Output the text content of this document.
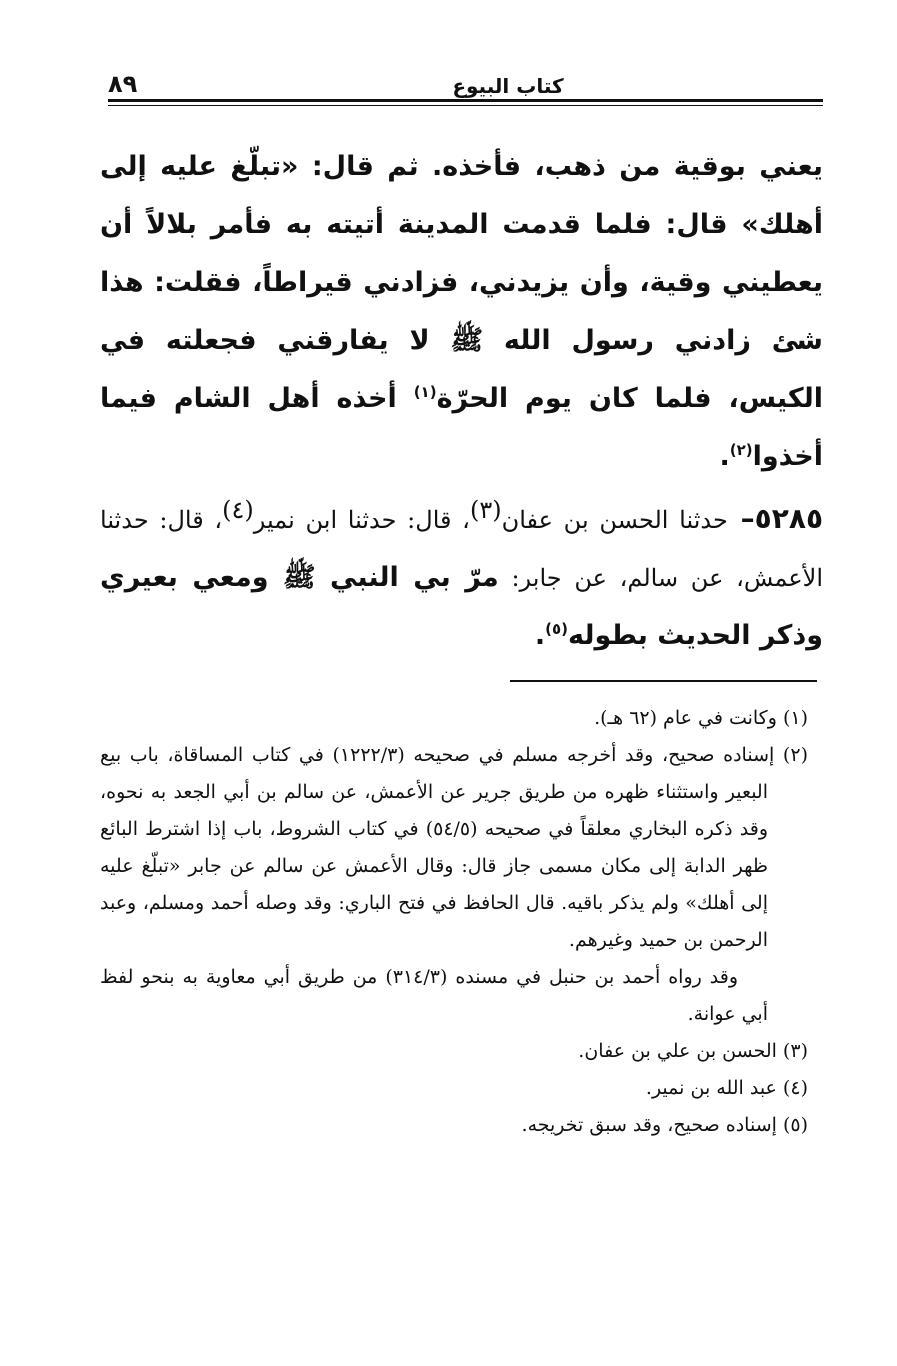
٨٩	كتاب البيوع

يعني بوقية من ذهب، فأخذه. ثم قال: «تبلّغ عليه إلى أهلك» قال: فلما قدمت المدينة أتيته به فأمر بلالاً أن يعطيني وقية، وأن يزيدني، فزادني قيراطاً، فقلت: هذا شئ زادني رسول الله ﷺ لا يفارقني فجعلته في الكيس، فلما كان يوم الحرّة$^{(١)}$ أخذه أهل الشام فيما أخذوا$^{(٢)}$.

٥٢٨٥– حدثنا الحسن بن عفان$^{(٣)}$، قال: حدثنا ابن نمير$^{(٤)}$، قال: حدثنا الأعمش، عن سالم، عن جابر: مرّ بي النبي ﷺ ومعي بعيري وذكر الحديث بطوله$^{(٥)}$.

(١) وكانت في عام (٦٢ هـ).

(٢) إسناده صحيح، وقد أخرجه مسلم في صحيحه (١٢٢٢/٣) في كتاب المساقاة، باب بيع البعير واستثناء ظهره من طريق جرير عن الأعمش، عن سالم بن أبي الجعد به نحوه، وقد ذكره البخاري معلقاً في صحيحه (٥٤/٥) في كتاب الشروط، باب إذا اشترط البائع ظهر الدابة إلى مكان مسمى جاز قال: وقال الأعمش عن سالم عن جابر «تبلّغ عليه إلى أهلك» ولم يذكر باقيه. قال الحافظ في فتح الباري: وقد وصله أحمد ومسلم، وعبد الرحمن بن حميد وغيرهم.

وقد رواه أحمد بن حنبل في مسنده (٣١٤/٣) من طريق أبي معاوية به بنحو لفظ أبي عوانة.

(٣) الحسن بن علي بن عفان.

(٤) عبد الله بن نمير.

(٥) إسناده صحيح، وقد سبق تخريجه.
